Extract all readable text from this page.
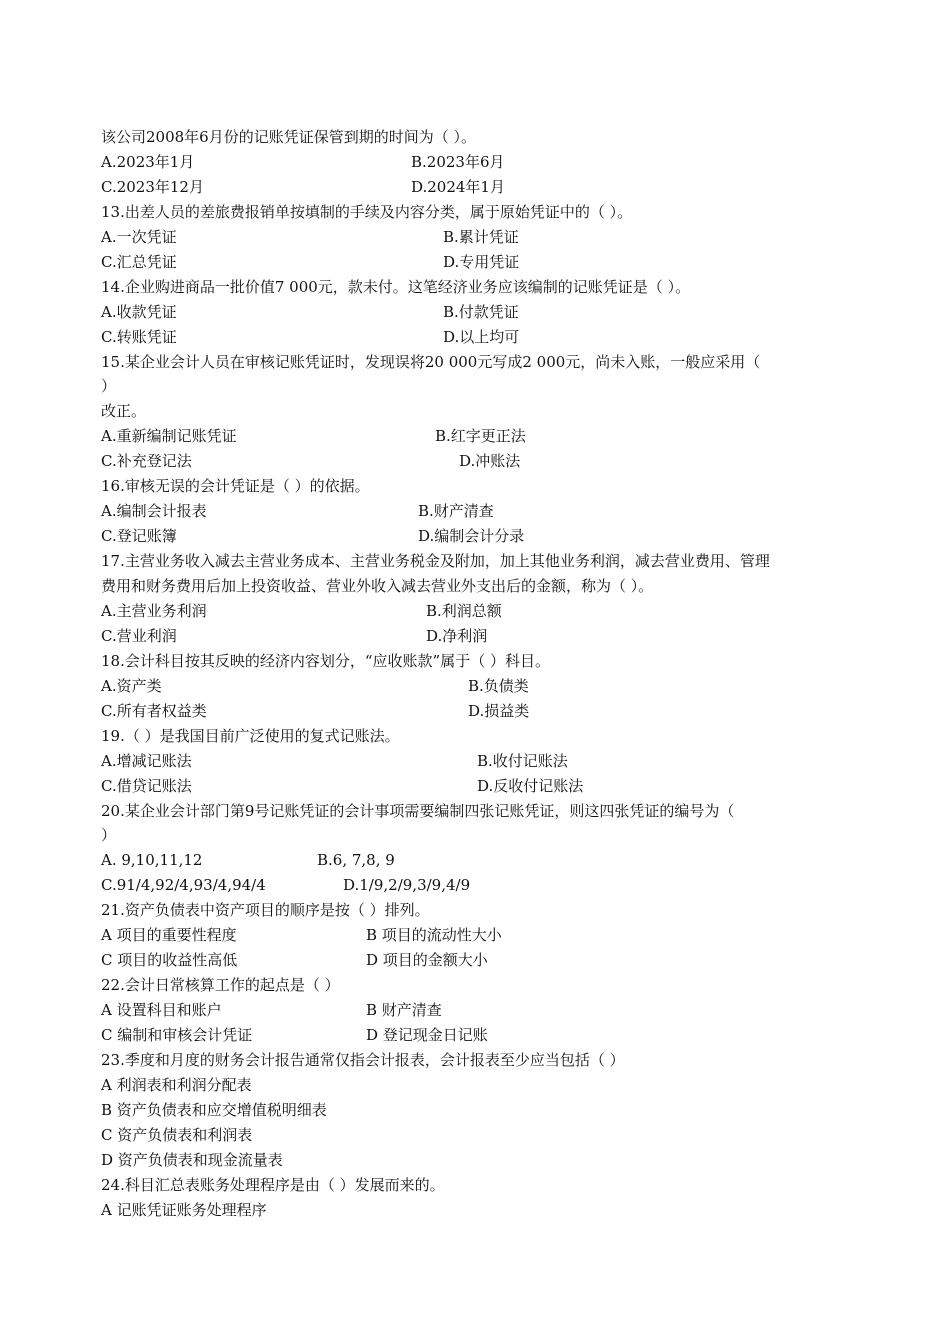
该公司2008年6月份的记账凭证保管到期的时间为（ ）。
A.2023年1月	B.2023年6月
C.2023年12月	D.2024年1月
13.出差人员的差旅费报销单按填制的手续及内容分类，属于原始凭证中的（ ）。
A.一次凭证	B.累计凭证
C.汇总凭证	D.专用凭证
14.企业购进商品一批价值7 000元，款未付。这笔经济业务应该编制的记账凭证是（ ）。
A.收款凭证	B.付款凭证
C.转账凭证	D.以上均可
15.某企业会计人员在审核记账凭证时，发现误将20 000元写成2 000元，尚未入账，一般应采用（
）
改正。
A.重新编制记账凭证	B.红字更正法
C.补充登记法	D.冲账法
16.审核无误的会计凭证是（ ）的依据。
A.编制会计报表	B.财产清查
C.登记账簿	D.编制会计分录
17.主营业务收入减去主营业务成本、主营业务税金及附加，加上其他业务利润，减去营业费用、管理
费用和财务费用后加上投资收益、营业外收入减去营业外支出后的金额，称为（ ）。
A.主营业务利润	B.利润总额
C.营业利润	D.净利润
18.会计科目按其反映的经济内容划分，“应收账款”属于（ ）科目。
A.资产类	B.负债类
C.所有者权益类	D.损益类
19.（ ）是我国目前广泛使用的复式记账法。
A.增减记账法	B.收付记账法
C.借贷记账法	D.反收付记账法
20.某企业会计部门第9号记账凭证的会计事项需要编制四张记账凭证，则这四张凭证的编号为（
）
A. 9,10,11,12	B.6, 7,8, 9
C.91/4,92/4,93/4,94/4	D.1/9,2/9,3/9,4/9
21.资产负债表中资产项目的顺序是按（ ）排列。
A 项目的重要性程度	B 项目的流动性大小
C 项目的收益性高低	D 项目的金额大小
22.会计日常核算工作的起点是（ ）
A 设置科目和账户	B 财产清查
C 编制和审核会计凭证	D 登记现金日记账
23.季度和月度的财务会计报告通常仅指会计报表，会计报表至少应当包括（ ）
A 利润表和利润分配表
B 资产负债表和应交增值税明细表
C 资产负债表和利润表
D 资产负债表和现金流量表
24.科目汇总表账务处理程序是由（ ）发展而来的。
A 记账凭证账务处理程序
